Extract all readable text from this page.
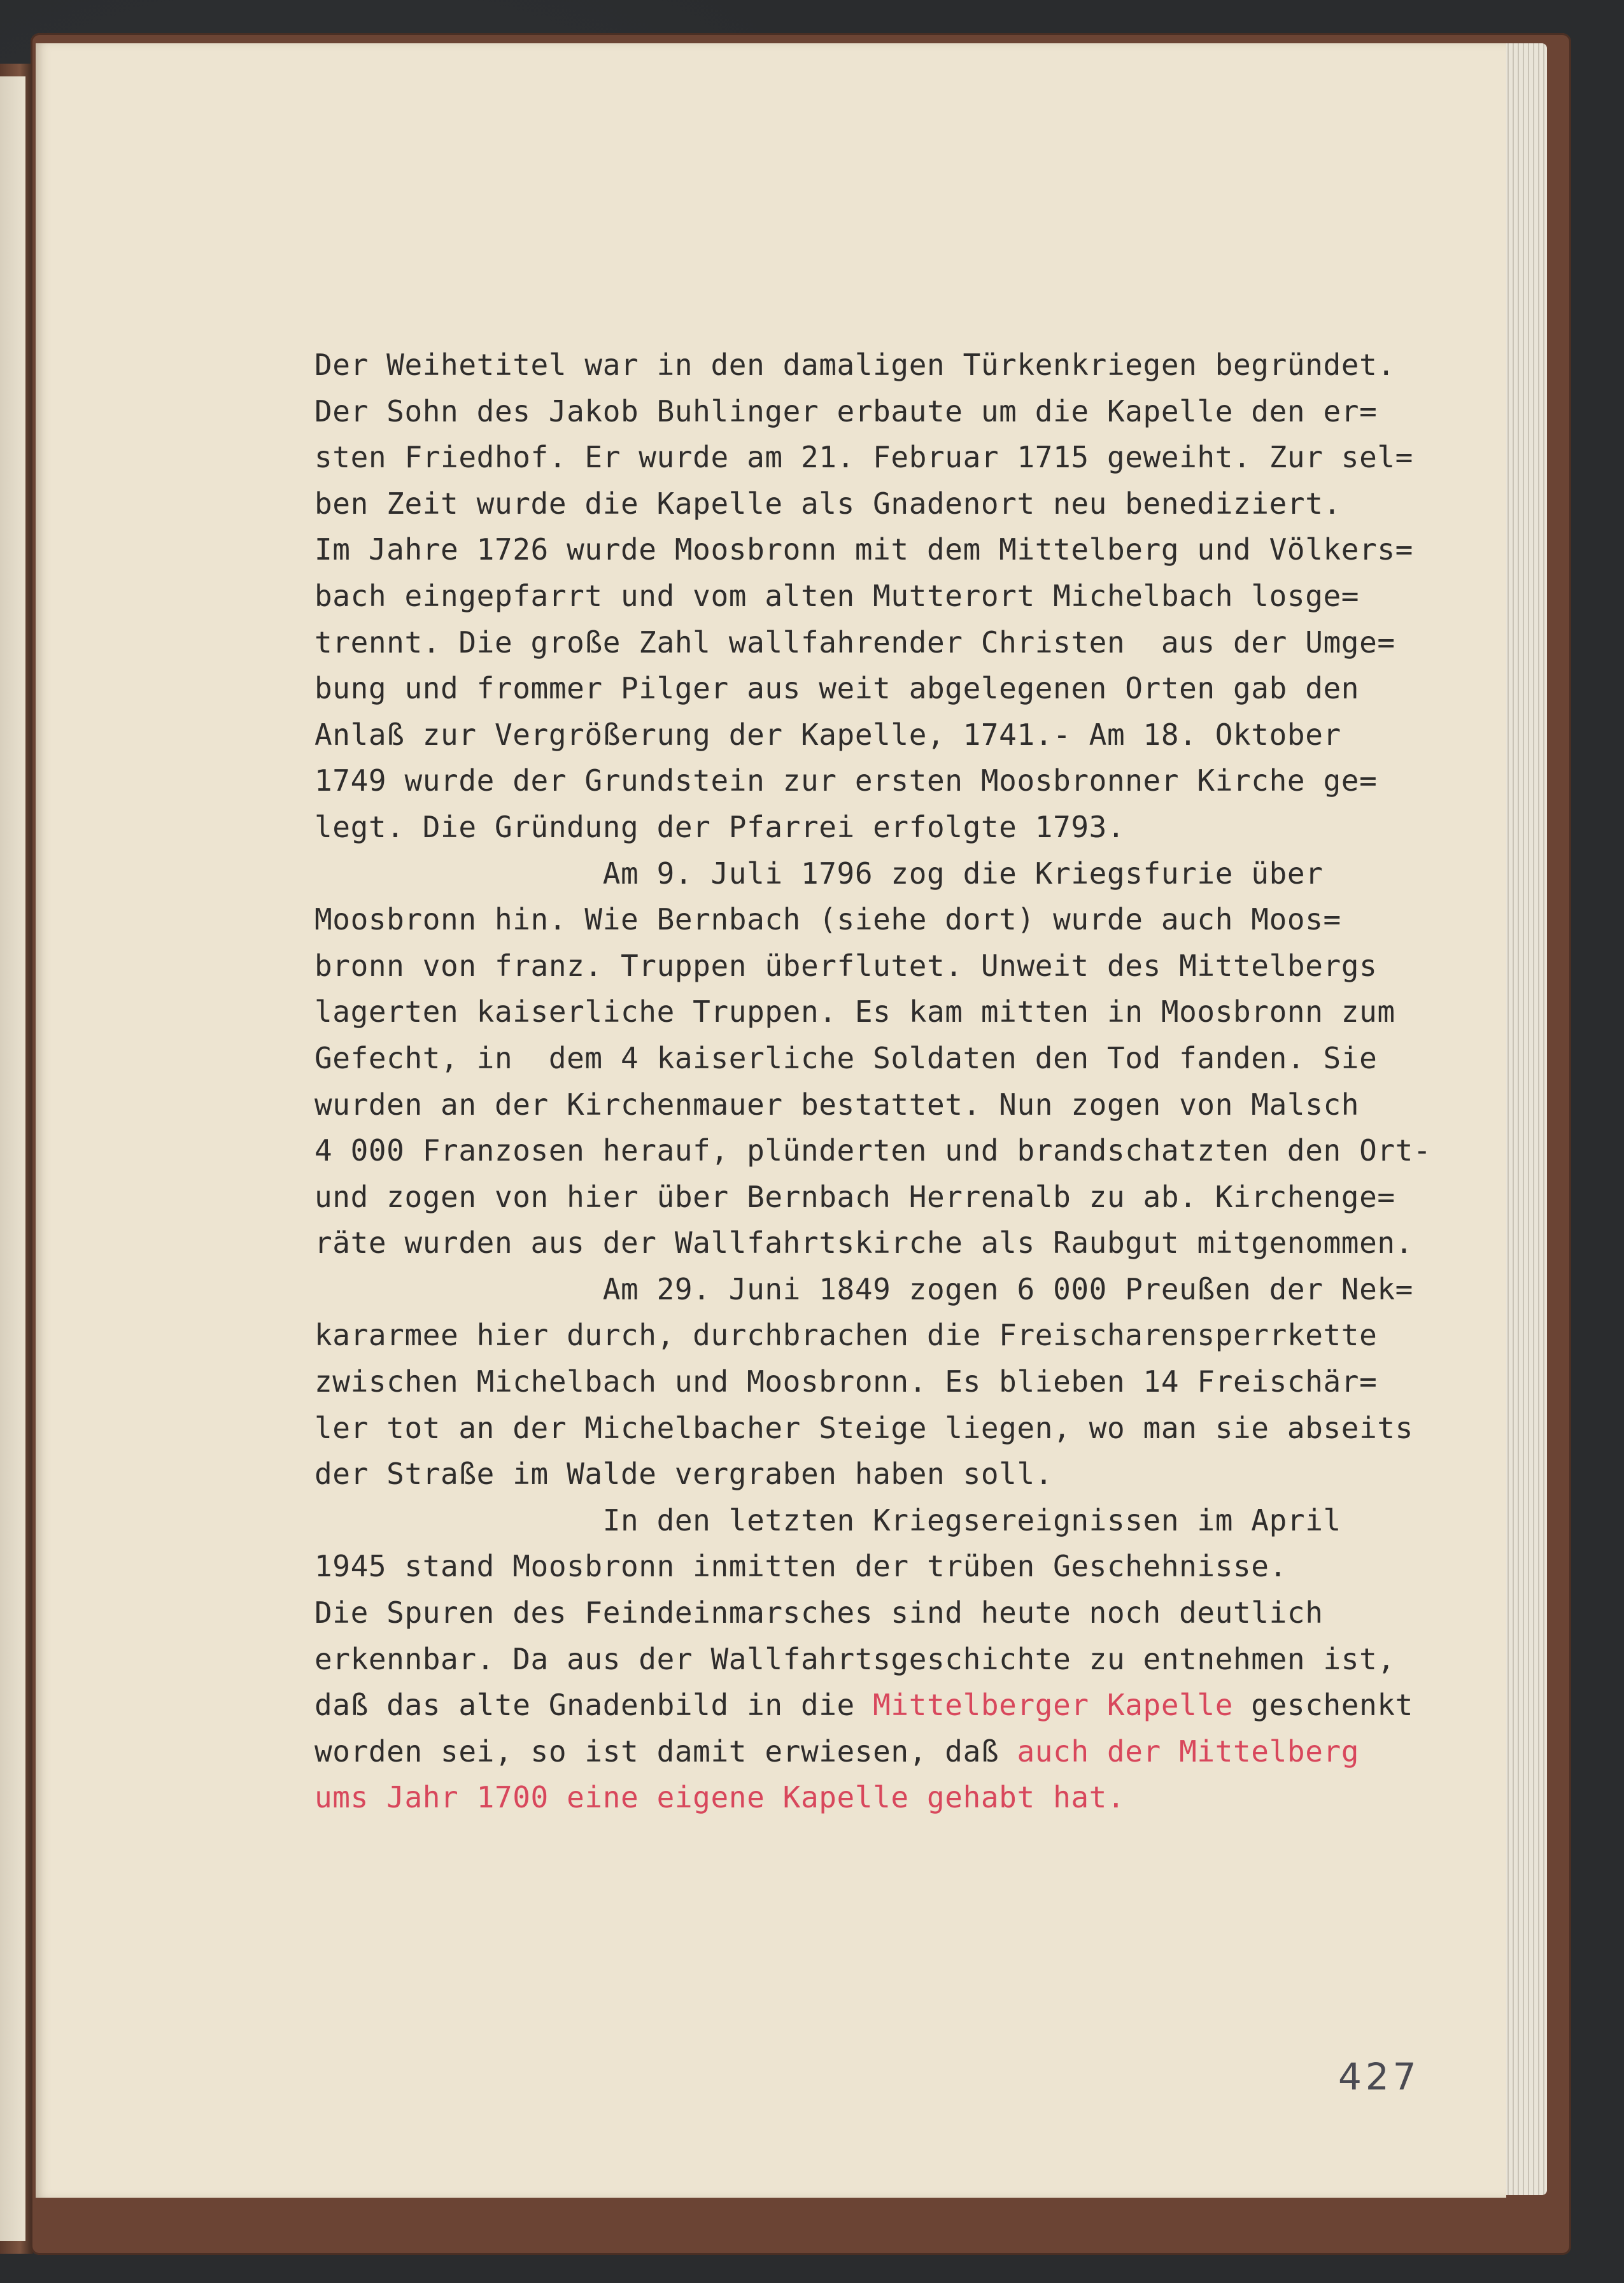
Der Weihetitel war in den damaligen Türkenkriegen begründet.
Der Sohn des Jakob Buhlinger erbaute um die Kapelle den er=
sten Friedhof. Er wurde am 21. Februar 1715 geweiht. Zur sel=
ben Zeit wurde die Kapelle als Gnadenort neu benediziert.
Im Jahre 1726 wurde Moosbronn mit dem Mittelberg und Völkers=
bach eingepfarrt und vom alten Mutterort Michelbach losge=
trennt. Die große Zahl wallfahrender Christen  aus der Umge=
bung und frommer Pilger aus weit abgelegenen Orten gab den
Anlaß zur Vergrößerung der Kapelle, 1741.- Am 18. Oktober
1749 wurde der Grundstein zur ersten Moosbronner Kirche ge=
legt. Die Gründung der Pfarrei erfolgte 1793.
Am 9. Juli 1796 zog die Kriegsfurie über
Moosbronn hin. Wie Bernbach (siehe dort) wurde auch Moos=
bronn von franz. Truppen überflutet. Unweit des Mittelbergs
lagerten kaiserliche Truppen. Es kam mitten in Moosbronn zum
Gefecht, in  dem 4 kaiserliche Soldaten den Tod fanden. Sie
wurden an der Kirchenmauer bestattet. Nun zogen von Malsch
4 000 Franzosen herauf, plünderten und brandschatzten den Ort-
und zogen von hier über Bernbach Herrenalb zu ab. Kirchenge=
räte wurden aus der Wallfahrtskirche als Raubgut mitgenommen.
Am 29. Juni 1849 zogen 6 000 Preußen der Nek=
kararmee hier durch, durchbrachen die Freischarensperrkette
zwischen Michelbach und Moosbronn. Es blieben 14 Freischär=
ler tot an der Michelbacher Steige liegen, wo man sie abseits
der Straße im Walde vergraben haben soll.
In den letzten Kriegsereignissen im April
1945 stand Moosbronn inmitten der trüben Geschehnisse.
Die Spuren des Feindeinmarsches sind heute noch deutlich
erkennbar. Da aus der Wallfahrtsgeschichte zu entnehmen ist,
daß das alte Gnadenbild in die Mittelberger Kapelle geschenkt
worden sei, so ist damit erwiesen, daß auch der Mittelberg
ums Jahr 1700 eine eigene Kapelle gehabt hat.
427
